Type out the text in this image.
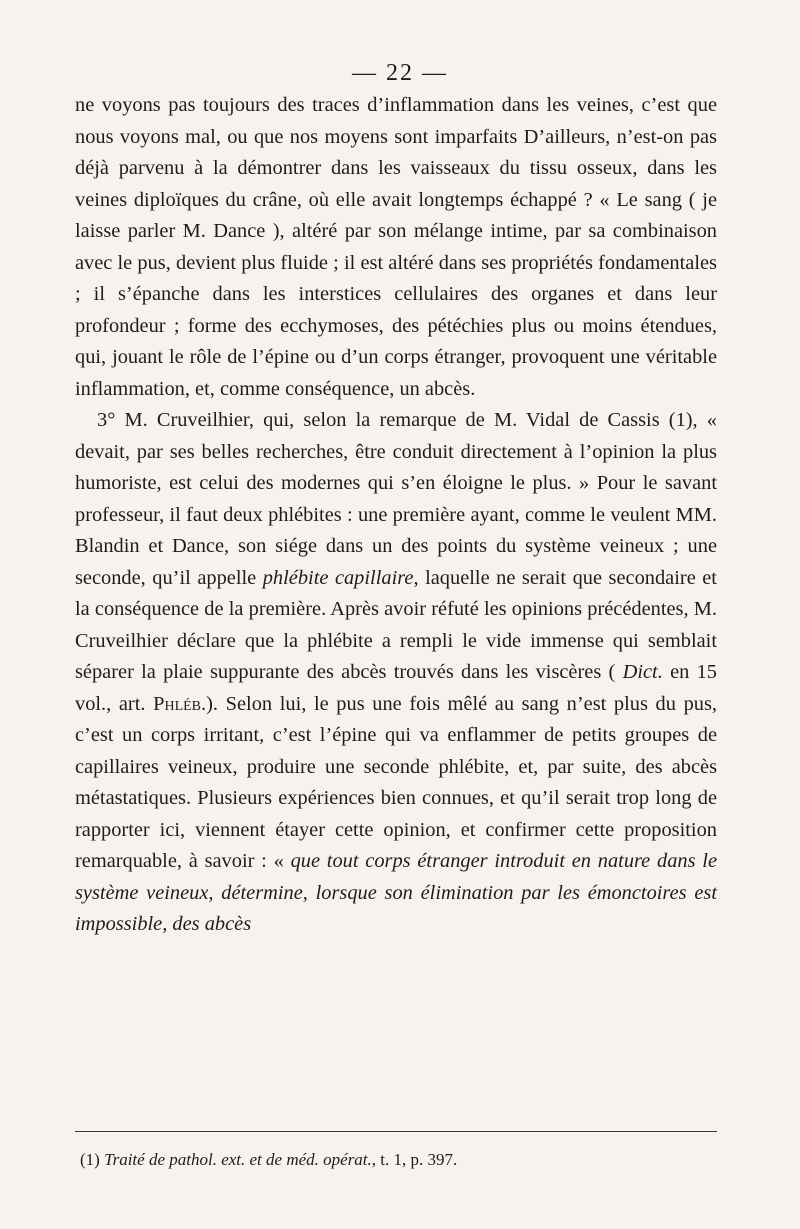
— 22 —

ne voyons pas toujours des traces d’inflammation dans les veines, c’est que nous voyons mal, ou que nos moyens sont imparfaits D’ailleurs, n’est-on pas déjà parvenu à la démontrer dans les vaisseaux du tissu osseux, dans les veines diploïques du crâne, où elle avait longtemps échappé ? « Le sang ( je laisse parler M. Dance ), altéré par son mélange intime, par sa combinaison avec le pus, devient plus fluide ; il est altéré dans ses propriétés fondamentales ; il s’épanche dans les interstices cellulaires des organes et dans leur profondeur ; forme des ecchymoses, des pétéchies plus ou moins étendues, qui, jouant le rôle de l’épine ou d’un corps étranger, provoquent une véritable inflammation, et, comme conséquence, un abcès.

3° M. Cruveilhier, qui, selon la remarque de M. Vidal de Cassis (1), « devait, par ses belles recherches, être conduit directement à l’opinion la plus humoriste, est celui des modernes qui s’en éloigne le plus. » Pour le savant professeur, il faut deux phlébites : une première ayant, comme le veulent MM. Blandin et Dance, son siége dans un des points du système veineux ; une seconde, qu’il appelle phlébite capillaire, laquelle ne serait que secondaire et la conséquence de la première. Après avoir réfuté les opinions précédentes, M. Cruveilhier déclare que la phlébite a rempli le vide immense qui semblait séparer la plaie suppurante des abcès trouvés dans les viscères ( Dict. en 15 vol., art. Phléb.). Selon lui, le pus une fois mêlé au sang n’est plus du pus, c’est un corps irritant, c’est l’épine qui va enflammer de petits groupes de capillaires veineux, produire une seconde phlébite, et, par suite, des abcès métastatiques. Plusieurs expériences bien connues, et qu’il serait trop long de rapporter ici, viennent étayer cette opinion, et confirmer cette proposition remarquable, à savoir : « que tout corps étranger introduit en nature dans le système veineux, détermine, lorsque son élimination par les émonctoires est impossible, des abcès

(1) Traité de pathol. ext. et de méd. opérat., t. 1, p. 397.
